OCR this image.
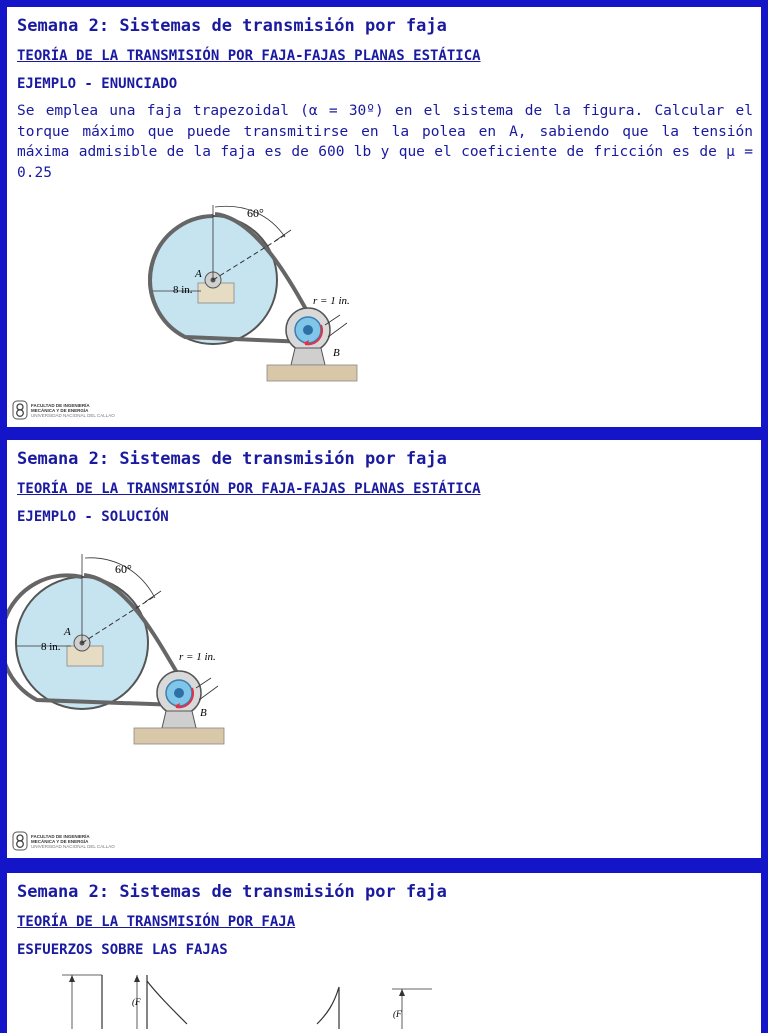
Semana 2: Sistemas de transmisión por faja
TEORÍA DE LA TRANSMISIÓN POR FAJA-FAJAS PLANAS ESTÁTICA
EJEMPLO - ENUNCIADO
Se emplea una faja trapezoidal (α = 30º) en el sistema de la figura. Calcular el torque máximo que puede transmitirse en la polea en A, sabiendo que la tensión máxima admisible de la faja es de 600 lb y que el coeficiente de fricción es de μ = 0.25
60°
A
8 in.
r = 1 in.
B
FACULTAD DE INGENIERÍA
MECÁNICA Y DE ENERGÍA
UNIVERSIDAD NACIONAL DEL CALLAO
Semana 2: Sistemas de transmisión por faja
TEORÍA DE LA TRANSMISIÓN POR FAJA-FAJAS PLANAS ESTÁTICA
EJEMPLO - SOLUCIÓN
60°
A
8 in.
r = 1 in.
B
FACULTAD DE INGENIERÍA
MECÁNICA Y DE ENERGÍA
UNIVERSIDAD NACIONAL DEL CALLAO
Semana 2: Sistemas de transmisión por faja
TEORÍA DE LA TRANSMISIÓN POR FAJA
ESFUERZOS SOBRE LAS FAJAS
(F
(F
